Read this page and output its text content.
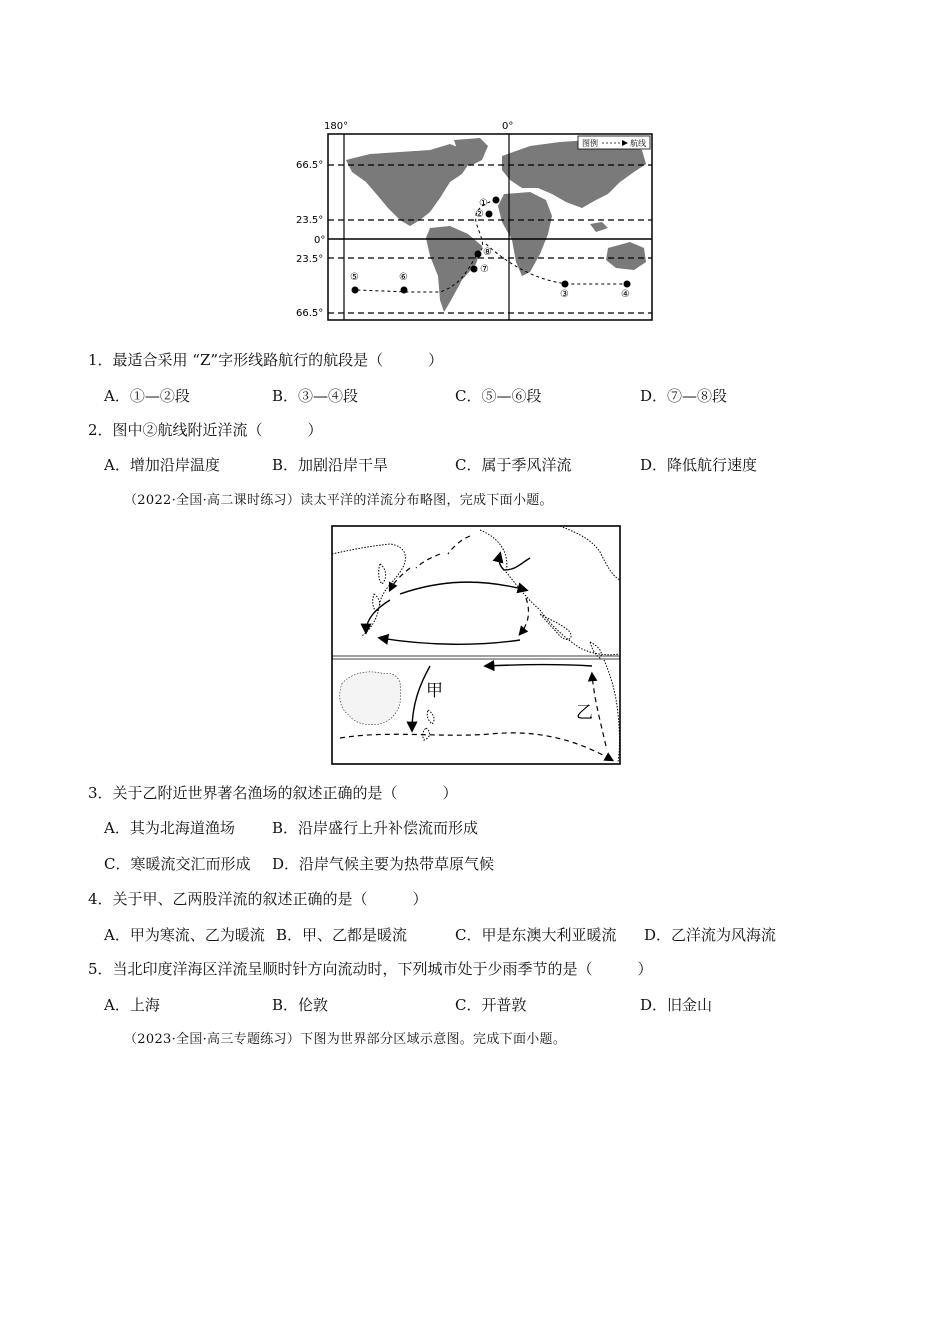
180°	0°
66.5°
23.5°
0°
23.5°
66.5°
①
②
③	④
⑤	⑥
⑦
⑧
图例	航线
1．最适合采用 “Z”字形线路航行的航段是（　　　）
A．①—②段	B．③—④段	C．⑤—⑥段	D．⑦—⑧段
2．图中②航线附近洋流（　　　）
A．增加沿岸温度	B．加剧沿岸干旱	C．属于季风洋流	D．降低航行速度
（2022·全国·高二课时练习）读太平洋的洋流分布略图，完成下面小题。
甲
乙
3．关于乙附近世界著名渔场的叙述正确的是（　　　）
A．其为北海道渔场 B．沿岸盛行上升补偿流而形成
C．寒暖流交汇而形成 D．沿岸气候主要为热带草原气候
4．关于甲、乙两股洋流的叙述正确的是（　　　）
A．甲为寒流、乙为暖流 B．甲、乙都是暖流	C．甲是东澳大利亚暖流 D．乙洋流为风海流
5．当北印度洋海区洋流呈顺时针方向流动时，下列城市处于少雨季节的是（　　　）
A．上海	B．伦敦	C．开普敦	D．旧金山
（2023·全国·高三专题练习）下图为世界部分区域示意图。完成下面小题。
